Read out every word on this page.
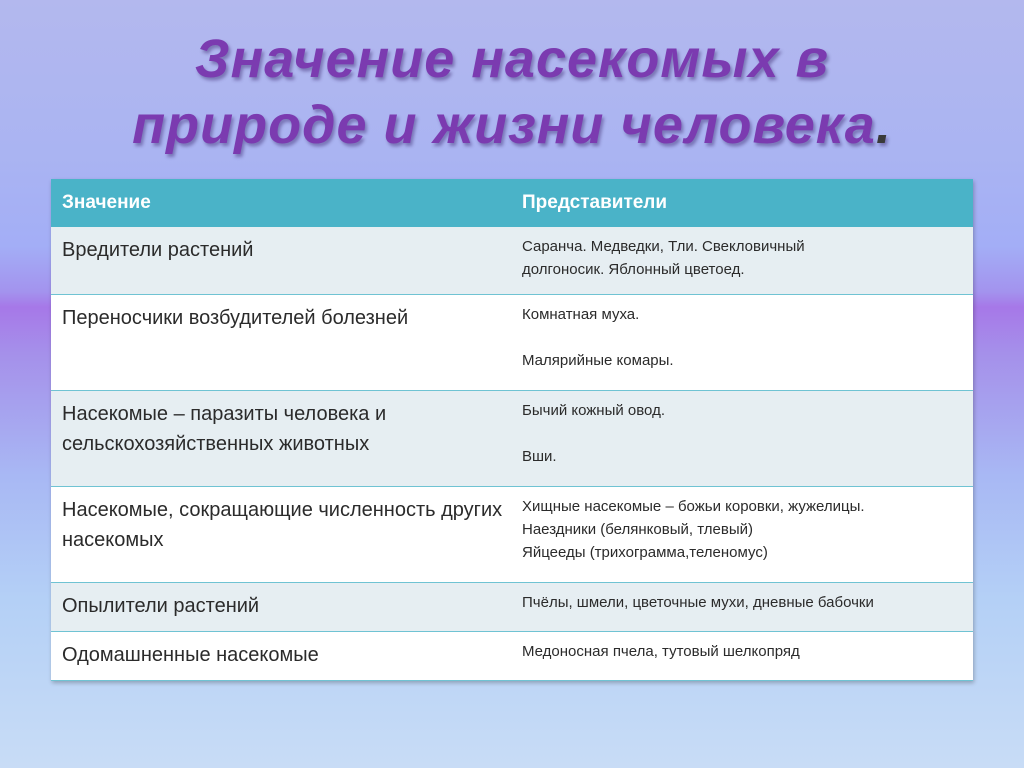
Значение насекомых в
природе и жизни человека.
Значение	Представители

Вредители растений	Саранча. Медведки, Тли. Свекловичный
долгоносик. Яблонный цветоед.

Переносчики возбудителей болезней	Комнатная муха.
Малярийные комары.

Насекомые – паразиты человека и сельскохозяйственных животных	Бычий кожный овод.
Вши.

Насекомые, сокращающие численность других насекомых	Хищные насекомые – божьи коровки, жужелицы.
Наездники (белянковый, тлевый)
Яйцееды (трихограмма,теленомус)

Опылители растений	Пчёлы, шмели, цветочные мухи, дневные бабочки

Одомашненные насекомые	Медоносная пчела, тутовый шелкопряд
